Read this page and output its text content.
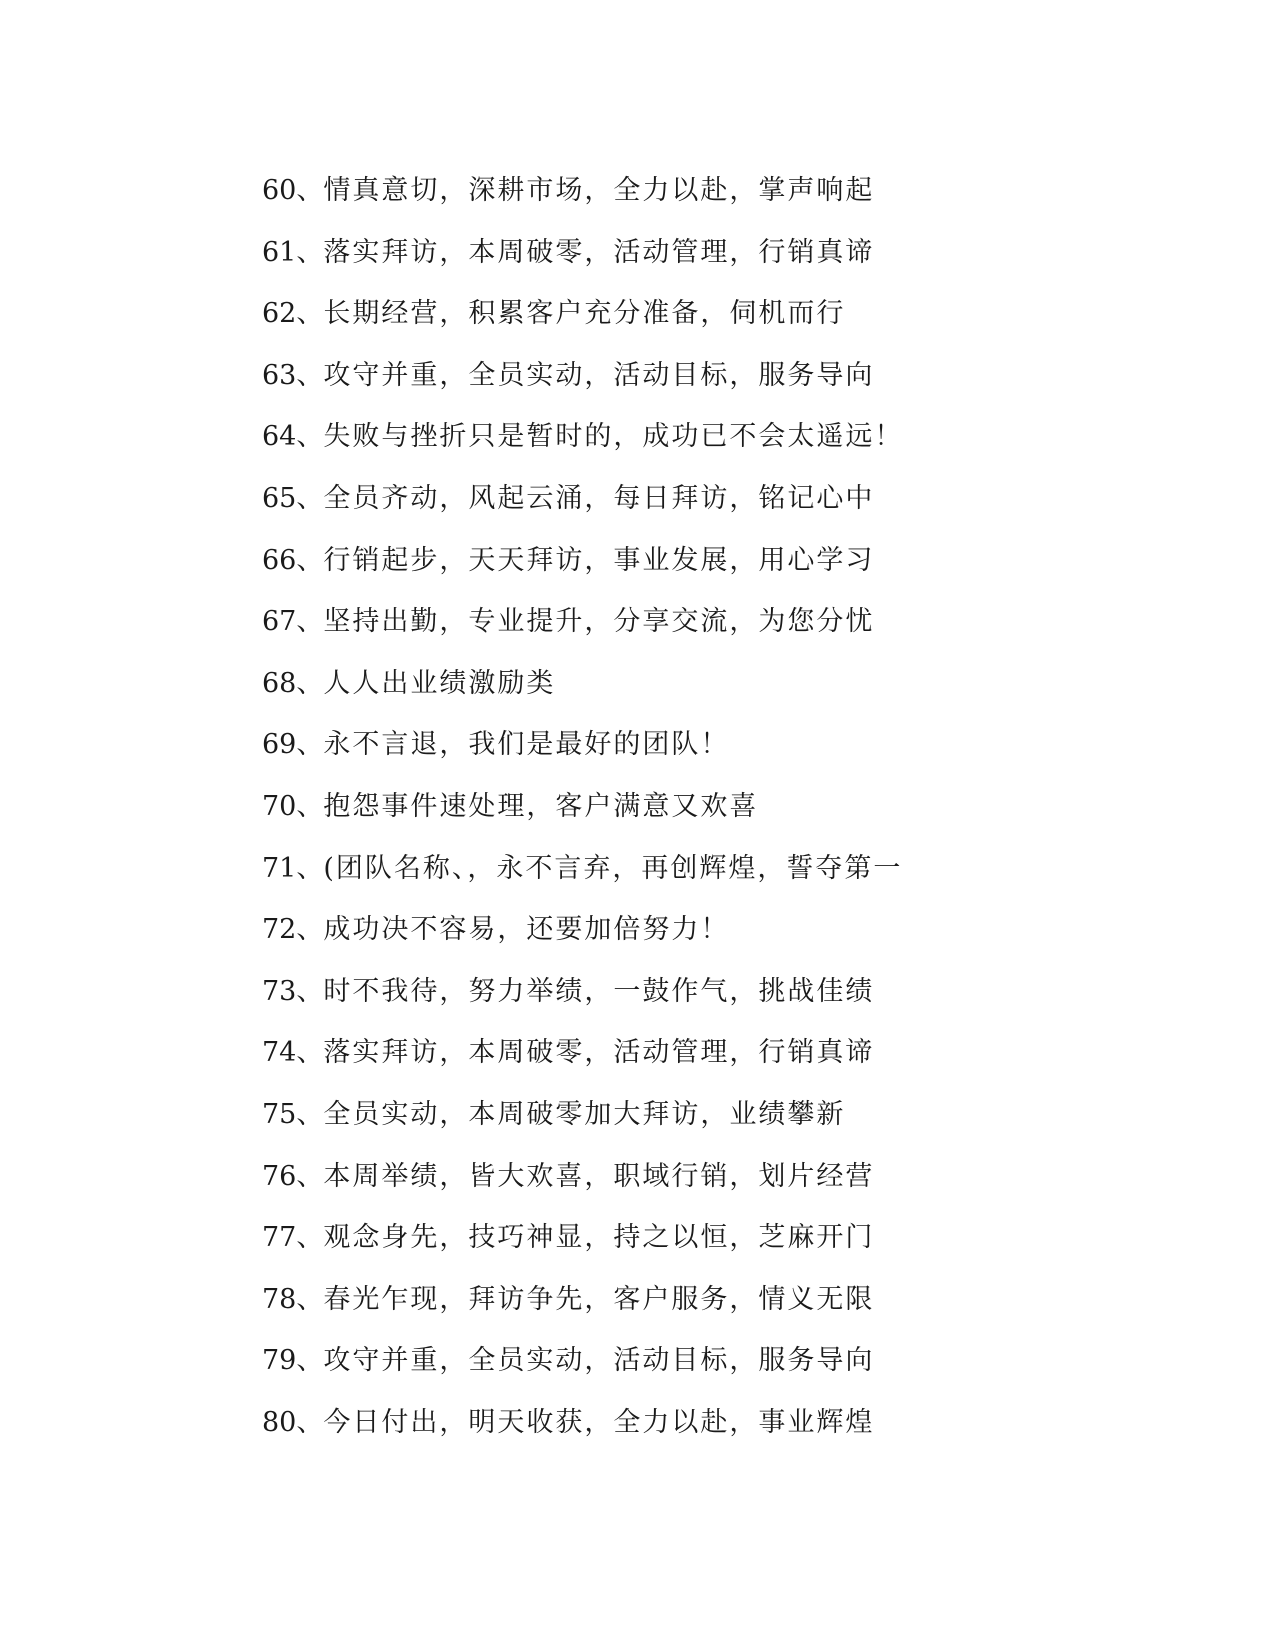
60、情真意切，深耕市场，全力以赴，掌声响起
61、落实拜访，本周破零，活动管理，行销真谛
62、长期经营，积累客户充分准备，伺机而行
63、攻守并重，全员实动，活动目标，服务导向
64、失败与挫折只是暂时的，成功已不会太遥远！
65、全员齐动，风起云涌，每日拜访，铭记心中
66、行销起步，天天拜访，事业发展，用心学习
67、坚持出勤，专业提升，分享交流，为您分忧
68、人人出业绩激励类
69、永不言退，我们是最好的团队！
70、抱怨事件速处理，客户满意又欢喜
71、(团队名称、，永不言弃，再创辉煌，誓夺第一
72、成功决不容易，还要加倍努力！
73、时不我待，努力举绩，一鼓作气，挑战佳绩
74、落实拜访，本周破零，活动管理，行销真谛
75、全员实动，本周破零加大拜访，业绩攀新
76、本周举绩，皆大欢喜，职域行销，划片经营
77、观念身先，技巧神显，持之以恒，芝麻开门
78、春光乍现，拜访争先，客户服务，情义无限
79、攻守并重，全员实动，活动目标，服务导向
80、今日付出，明天收获，全力以赴，事业辉煌
